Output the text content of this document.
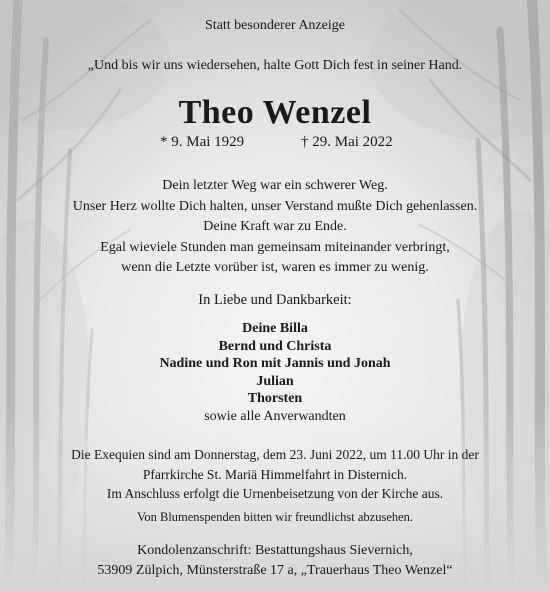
Statt besonderer Anzeige
„Und bis wir uns wiedersehen, halte Gott Dich fest in seiner Hand.
Theo Wenzel
* 9. Mai 1929	† 29. Mai 2022
Dein letzter Weg war ein schwerer Weg.
Unser Herz wollte Dich halten, unser Verstand mußte Dich gehenlassen.
Deine Kraft war zu Ende.
Egal wieviele Stunden man gemeinsam miteinander verbringt,
wenn die Letzte vorüber ist, waren es immer zu wenig.
In Liebe und Dankbarkeit:
Deine Billa
Bernd und Christa
Nadine und Ron mit Jannis und Jonah
Julian
Thorsten
sowie alle Anverwandten
Die Exequien sind am Donnerstag, dem 23. Juni 2022, um 11.00 Uhr in der
Pfarrkirche St. Mariä Himmelfahrt in Disternich.
Im Anschluss erfolgt die Urnenbeisetzung von der Kirche aus.
Von Blumenspenden bitten wir freundlichst abzusehen.
Kondolenzanschrift: Bestattungshaus Sievernich,
53909 Zülpich, Münsterstraße 17 a, „Trauerhaus Theo Wenzel“
